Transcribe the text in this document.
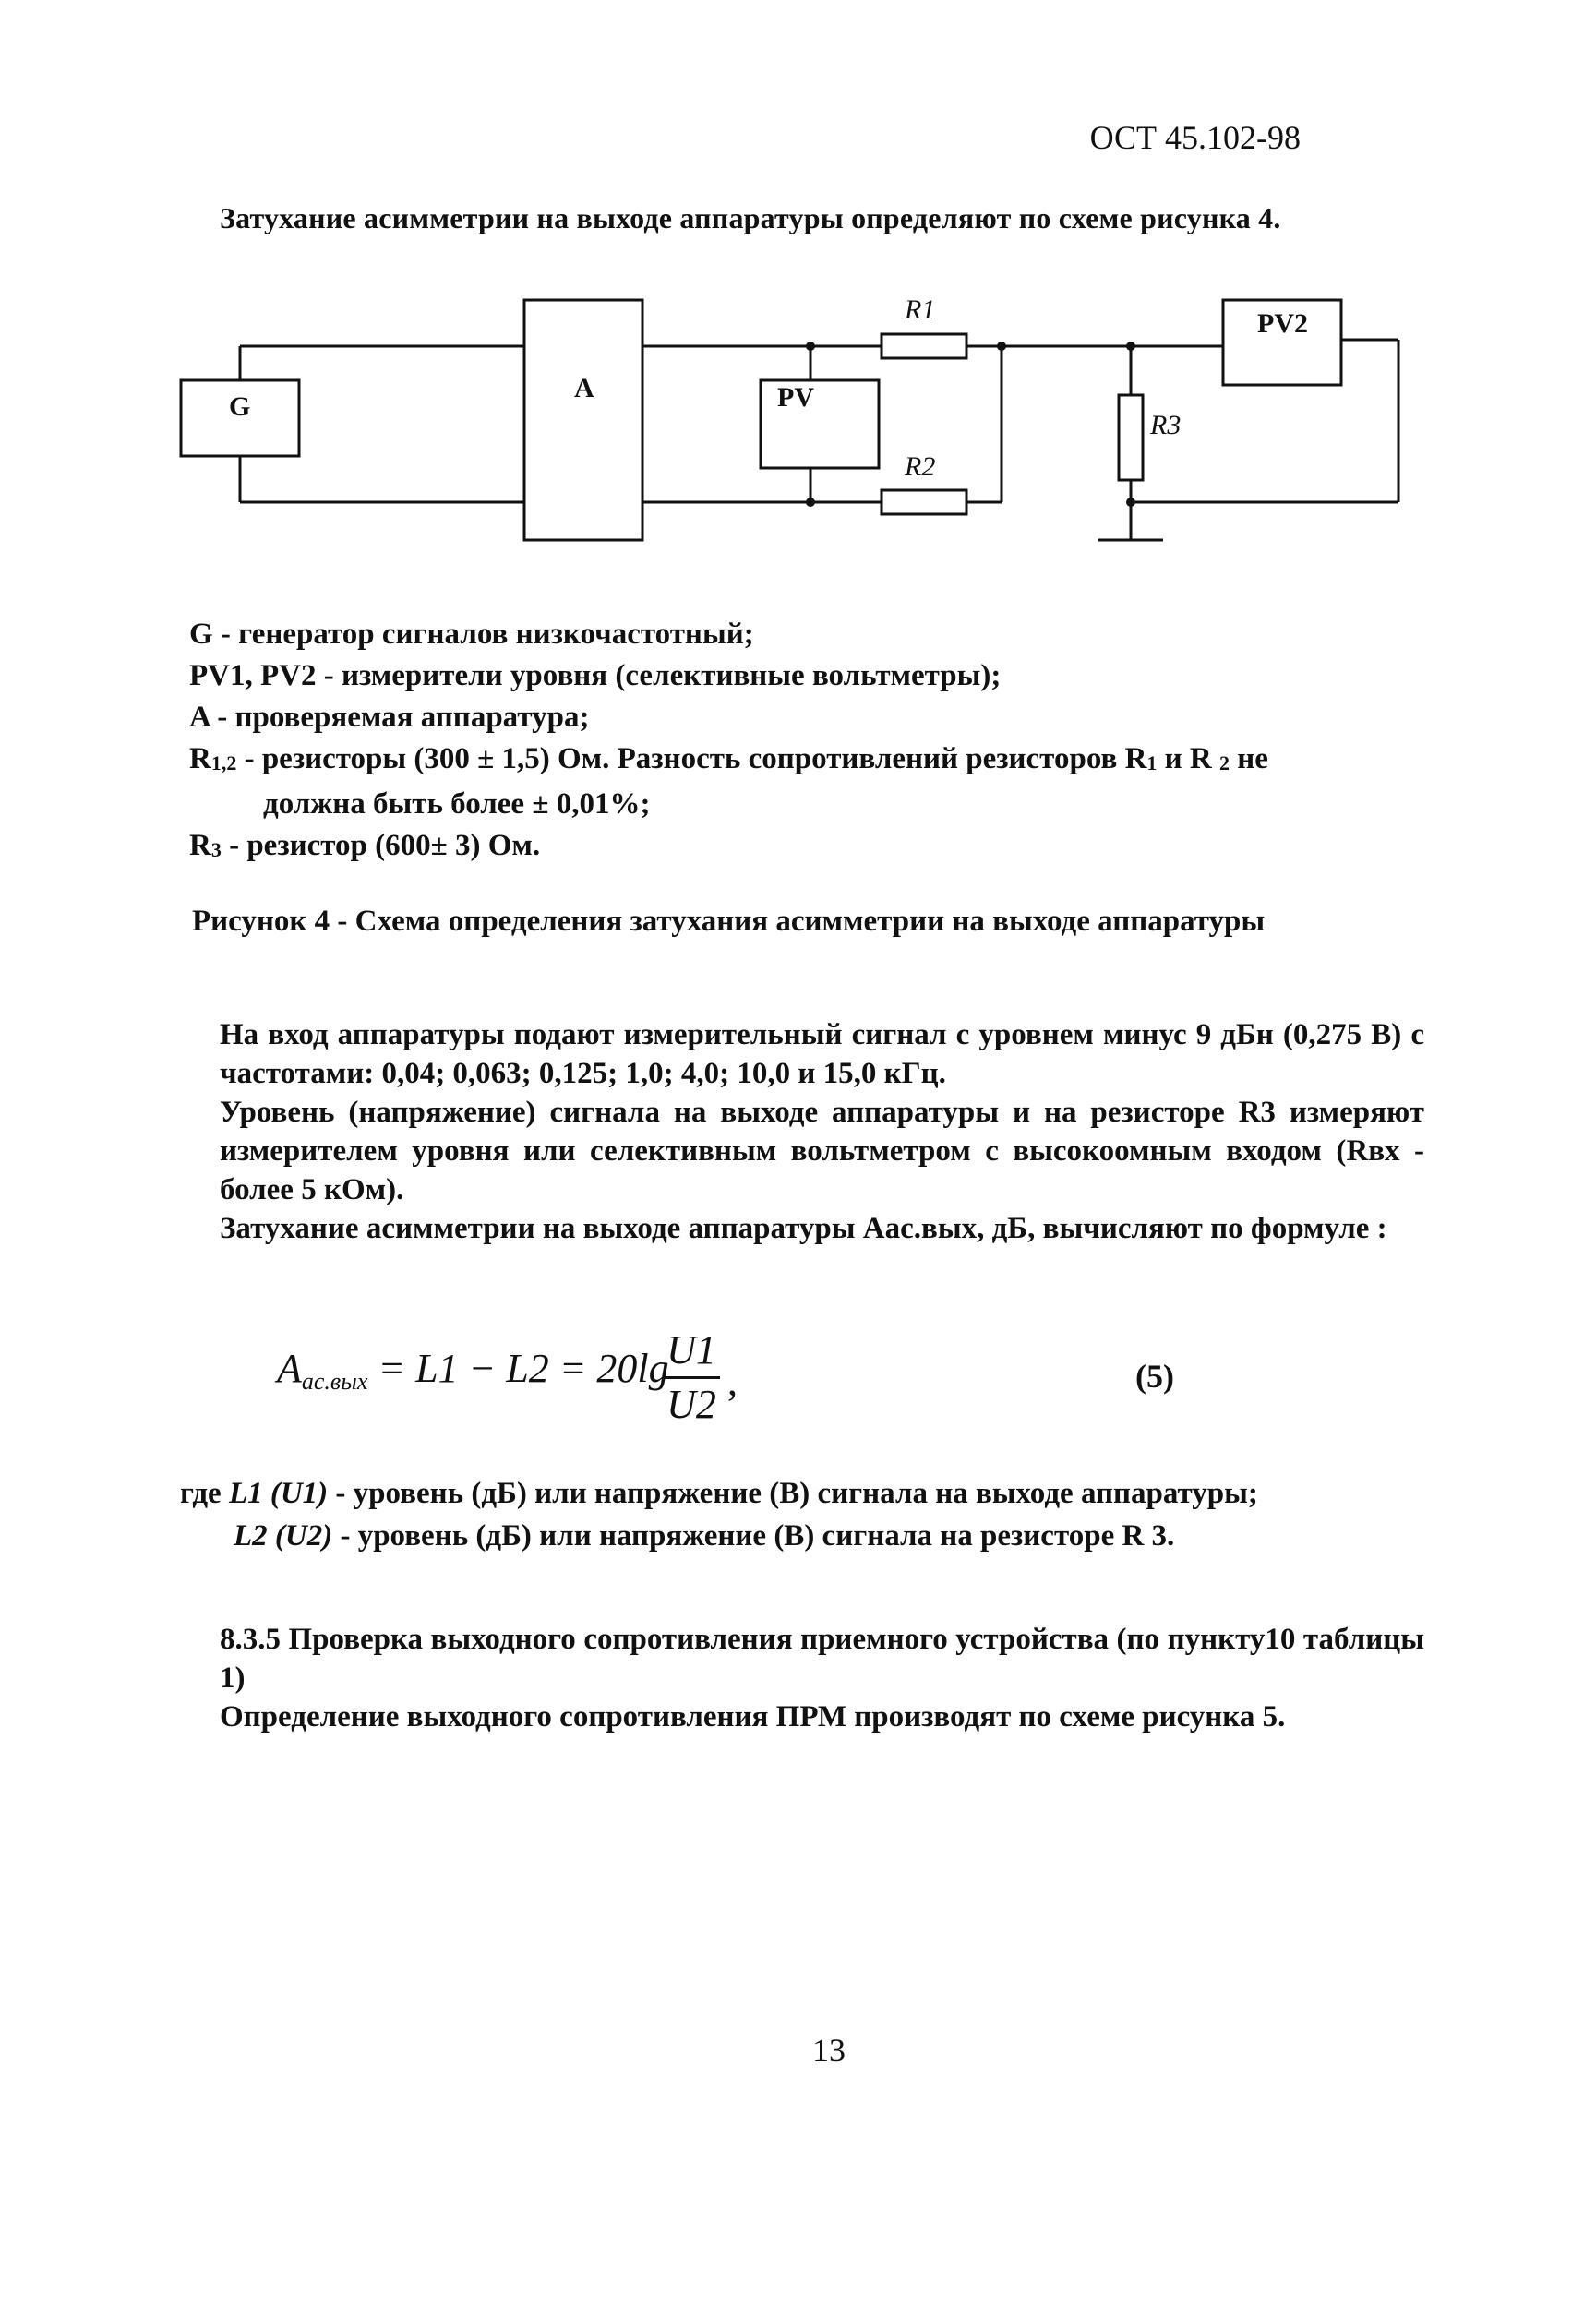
ОСТ 45.102-98
Затухание асимметрии на выходе аппаратуры определяют по схеме рисунка 4.
G
A	PV
PV2
R1
R2
R3
G - генератор сигналов низкочастотный;
PV1, PV2 - измерители уровня (селективные вольтметры);
A - проверяемая аппаратура;
$R_{1,2}$ - резисторы (300 ± 1,5) Ом. Разность сопротивлений резисторов $R_1$ и R $_2$ не
должна быть более ± 0,01%;
$R_3$ - резистор (600± 3) Ом.
Рисунок 4 - Схема определения затухания асимметрии на выходе аппаратуры

На вход аппаратуры подают измерительный сигнал с уровнем минус 9 дБн (0,275 В) с частотами: 0,04; 0,063; 0,125; 1,0; 4,0; 10,0 и 15,0 кГц.

Уровень (напряжение) сигнала на выходе аппаратуры и на резисторе R3 измеряют измерителем уровня или селективным вольтметром с высокоомным входом (Rвх - более 5 кОм).

Затухание асимметрии на выходе аппаратуры Aас.вых, дБ, вычисляют по формуле :

$A_{ас.вых} = L1 - L2 = 20\lg$
$\frac{U1}{U2}$ ,	(5)
где L1 (U1) - уровень (дБ) или напряжение (В) сигнала на выходе аппаратуры;
L2 (U2) - уровень (дБ) или напряжение (В) сигнала на резисторе R 3.

8.3.5 Проверка выходного сопротивления приемного устройства (по пункту10 таблицы 1)

Определение выходного сопротивления ПРМ производят по схеме рисунка 5.

13
